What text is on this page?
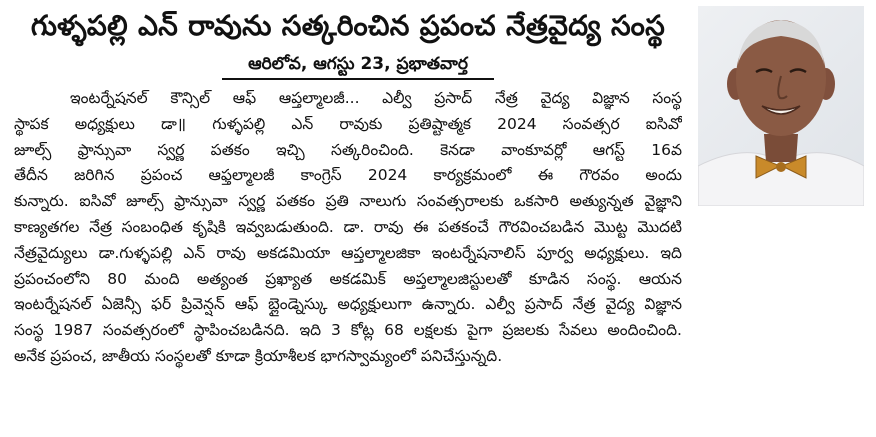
గుళ్ళపల్లి ఎన్ రావును సత్కరించిన ప్రపంచ నేత్రవైద్య సంస్థ
ఆరిలోవ, ఆగస్టు 23, ప్రభాతవార్త
ఇంటర్నేషనల్ కౌన్సిల్ ఆఫ్ ఆప్తల్మాలజీ... ఎల్వీ ప్రసాద్ నేత్ర వైద్య విజ్ఞాన సంస్థ
స్థాపక అధ్యక్షులు డా॥ గుళ్ళపల్లి ఎన్ రావుకు ప్రతిష్టాత్మక 2024 సంవత్సర ఐసివో
జూల్స్ ఫ్రాన్సువా స్వర్ణ పతకం ఇచ్చి సత్కరించింది. కెనడా వాంకూవర్లో ఆగస్ట్ 16వ
తేదీన జరిగిన ప్రపంచ ఆఫ్తల్మాలజీ కాంగ్రెస్ 2024 కార్యక్రమంలో ఈ గౌరవం అందు
కున్నారు. ఐసివో జూల్స్ ఫ్రాన్సువా స్వర్ణ పతకం ప్రతి నాలుగు సంవత్సరాలకు ఒకసారి అత్యున్నత వైజ్ఞాని
కాణ్యతగల నేత్ర సంబంధిత కృషికి ఇవ్వబడుతుంది. డా. రావు ఈ పతకంచే గౌరవించబడిన మొట్ట మొదటి
నేత్రవైద్యులు డా.గుళ్ళపల్లి ఎన్ రావు అకడమియా ఆప్తల్మాలజికా ఇంటర్నేషనాలిస్ పూర్వ అధ్యక్షులు. ఇది
ప్రపంచంలోని 80 మంది అత్యంత ప్రఖ్యాత అకడమిక్ అప్తల్మాలజిస్టులతో కూడిన సంస్థ. ఆయన
ఇంటర్నేషనల్ ఏజెన్సీ ఫర్ ప్రివెన్షన్ ఆఫ్ బ్లైండ్నెస్కు అధ్యక్షులుగా ఉన్నారు. ఎల్వీ ప్రసాద్ నేత్ర వైద్య విజ్ఞాన
సంస్థ 1987 సంవత్సరంలో స్థాపించబడినది. ఇది 3 కోట్ల 68 లక్షలకు పైగా ప్రజలకు సేవలు అందించింది.
అనేక ప్రపంచ, జాతీయ సంస్థలతో కూడా క్రియాశీలక భాగస్వామ్యంలో పనిచేస్తున్నది.
